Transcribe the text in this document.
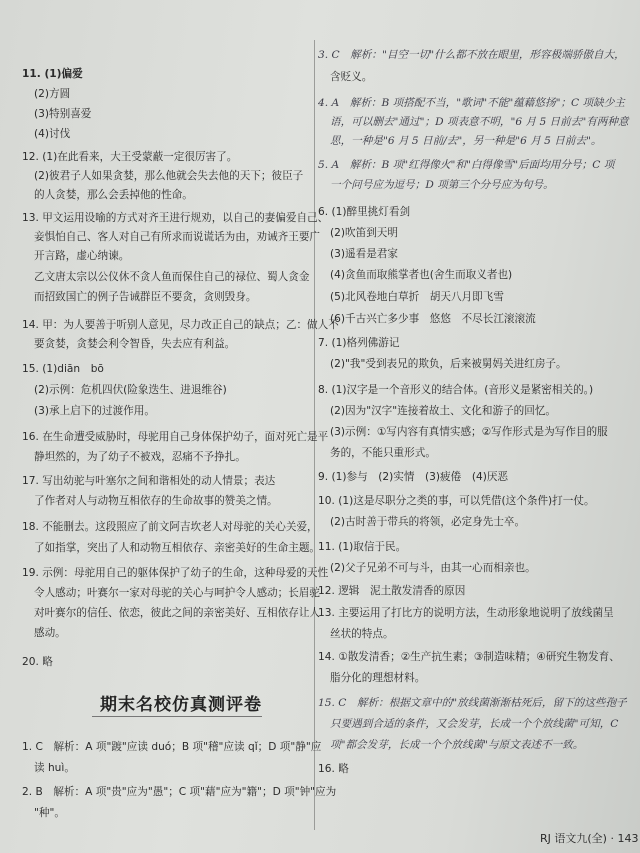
11. (1)偏爱
(2)方圆
(3)特别喜爱
(4)讨伐
12. (1)在此看来，大王受蒙蔽一定很厉害了。
(2)彼君子人如果贪婪，那么他就会失去他的天下；彼臣子
的人贪婪，那么会丢掉他的性命。
13. 甲文运用设喻的方式对齐王进行规劝，以自己的妻偏爱自己、
妾惧怕自己、客人对自己有所求而说谎话为由，劝诫齐王要广
开言路，虚心纳谏。
乙文唐太宗以公仪休不贪人鱼而保住自己的禄位、蜀人贪金
而招致国亡的例子告诫群臣不要贪，贪则毁身。
14. 甲：为人要善于听别人意见，尽力改正自己的缺点；乙：做人不
要贪婪，贪婪会利令智昏，失去应有利益。
15. (1)diān　bō
(2)示例：危机四伏(险象迭生、进退维谷)
(3)承上启下的过渡作用。
16. 在生命遭受威胁时，母驼用自己身体保护幼子，面对死亡是平
静坦然的，为了幼子不被戏，忍痛不予挣扎。
17. 写出幼驼与叶塞尔之间和谐相处的动人情景；表达
了作者对人与动物互相依存的生命故事的赞美之情。
18. 不能删去。这段照应了前文阿吉坎老人对母驼的关心关爱，
了如指掌，突出了人和动物互相依存、亲密美好的生命主题。
19. 示例：母驼用自己的躯体保护了幼子的生命，这种母爱的天性
令人感动；叶赛尔一家对母驼的关心与呵护令人感动；长眉驼
对叶赛尔的信任、依恋，彼此之间的亲密美好、互相依存让人
感动。
20. 略
1. C　解析：A 项"踱"应读 duó；B 项"稽"应读 qǐ；D 项"静"应
读 huì。
2. B　解析：A 项"贵"应为"愚"；C 项"藉"应为"籍"；D 项"钟"应为
"种"。
期末名校仿真测评卷
3. C　解析："目空一切"什么都不放在眼里，形容极端骄傲自大，
含贬义。
4. A　解析：B 项搭配不当，"歌词"不能"蕴藉悠扬"；C 项缺少主
语，可以删去"通过"；D 项表意不明，"6 月 5 日前去"有两种意
思，一种是"6 月 5 日前/去"，另一种是"6 月 5 日前去"。
5. A　解析：B 项"红得像火"和"白得像雪"后面均用分号；C 项
一个问号应为逗号；D 项第三个分号应为句号。
6. (1)醉里挑灯看剑
(2)吹笛到天明
(3)遥看是君家
(4)贪鱼而取熊掌者也(舍生而取义者也)
(5)北风卷地白草折　胡天八月即飞雪
(6)千古兴亡多少事　悠悠　不尽长江滚滚流
7. (1)格列佛游记
(2)"我"受到表兄的欺负，后来被舅妈关进红房子。
8. (1)汉字是一个音形义的结合体。(音形义是紧密相关的。)
(2)因为"汉字"连接着故土、文化和游子的回忆。
(3)示例：①写内容有真情实感；②写作形式是为写作目的服
务的，不能只重形式。
9. (1)参与　(2)实情　(3)疲倦　(4)厌恶
10. (1)这是尽职分之类的事，可以凭借(这个条件)打一仗。
(2)古时善于带兵的将领，必定身先士卒。
11. (1)取信于民。
(2)父子兄弟不可与斗，由其一心而相亲也。
12. 逻辑　泥土散发清香的原因
13. 主要运用了打比方的说明方法，生动形象地说明了放线菌呈
丝状的特点。
14. ①散发清香；②生产抗生素；③制造味精；④研究生物发育、
脂分化的理想材料。
15. C　解析：根据文章中的"放线菌渐渐枯死后，留下的这些孢子
只要遇到合适的条件，又会发芽，长成一个个放线菌"可知，C
项"都会发芽，长成一个个放线菌"与原文表述不一致。
16. 略
RJ 语文九(全) · 143
